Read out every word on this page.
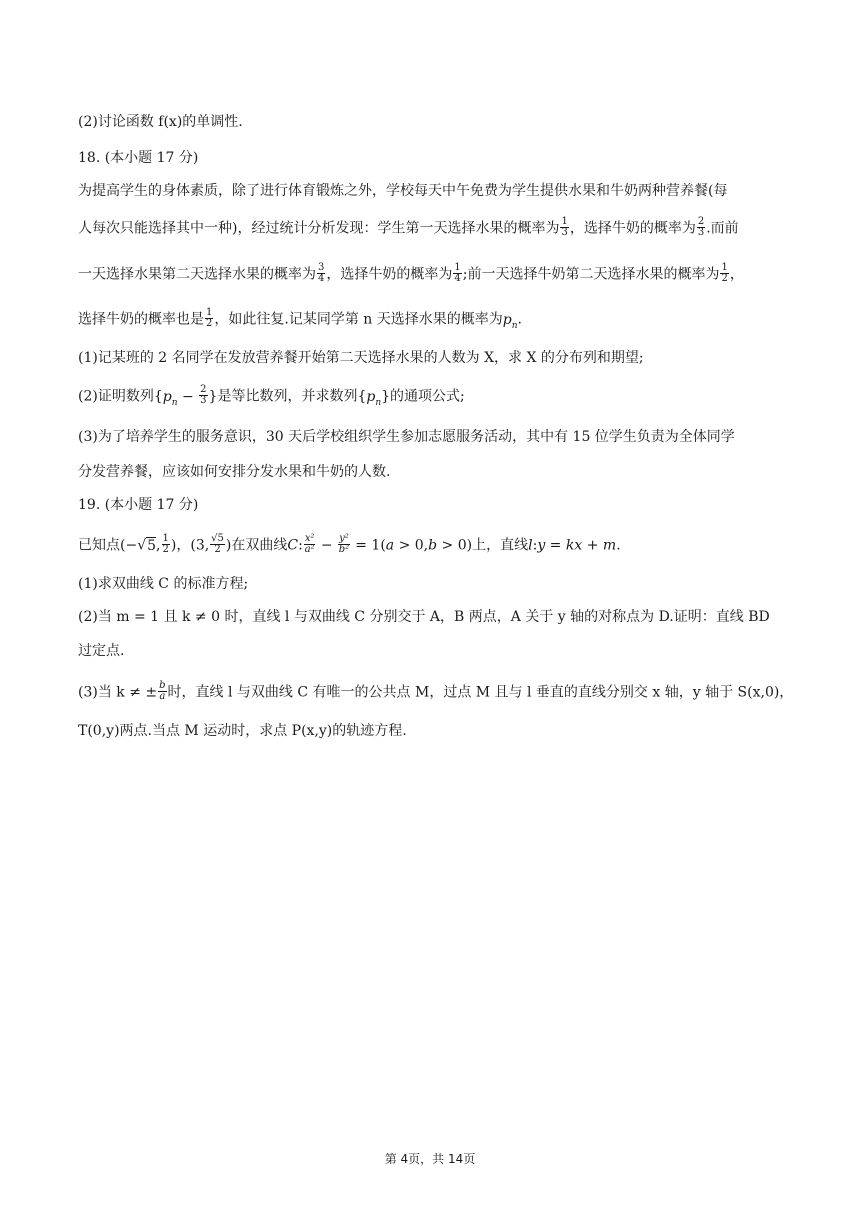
(2)讨论函数 f(x)的单调性.
18. (本小题 17 分)
为提高学生的身体素质，除了进行体育锻炼之外，学校每天中午免费为学生提供水果和牛奶两种营养餐(每
人每次只能选择其中一种)，经过统计分析发现：学生第一天选择水果的概率为 $\frac{1}{3}$ ，选择牛奶的概率为 $\frac{2}{3}$ .而前
一天选择水果第二天选择水果的概率为 $\frac{3}{4}$ ，选择牛奶的概率为 $\frac{1}{4}$ ;前一天选择牛奶第二天选择水果的概率为 $\frac{1}{2}$ ，
选择牛奶的概率也是 $\frac{1}{2}$ ，如此往复.记某同学第 n 天选择水果的概率为$p_n$.
(1)记某班的 2 名同学在发放营养餐开始第二天选择水果的人数为 X，求 X 的分布列和期望;
(2)证明数列{$p_n - \frac{2}{3}$ }是等比数列，并求数列$\{p_n\}$的通项公式;
(3)为了培养学生的服务意识，30 天后学校组织学生参加志愿服务活动，其中有 15 位学生负责为全体同学
分发营养餐，应该如何安排分发水果和牛奶的人数.
19. (本小题 17 分)
已知点(−√5, $\frac{1}{2}$ )，(3, $\frac{√5}{2}$ )在双曲线C: $\frac{\text{x²}}{\text{a²}} - \frac{\text{y²}}{\text{b²}} = 1(a > 0,b > 0)$上，直线l:y = kx + m.
(1)求双曲线 C 的标准方程;
(2)当 m = 1 且 k ≠ 0 时，直线 l 与双曲线 C 分别交于 A，B 两点，A 关于 y 轴的对称点为 D.证明：直线 BD
过定点.
(3)当 k ≠ ± $\frac{b}{a}$ 时，直线 l 与双曲线 C 有唯一的公共点 M，过点 M 且与 l 垂直的直线分别交 x 轴，y 轴于 S(x,0)，
T(0,y)两点.当点 M 运动时，求点 P(x,y)的轨迹方程.
第 4页，共 14页
